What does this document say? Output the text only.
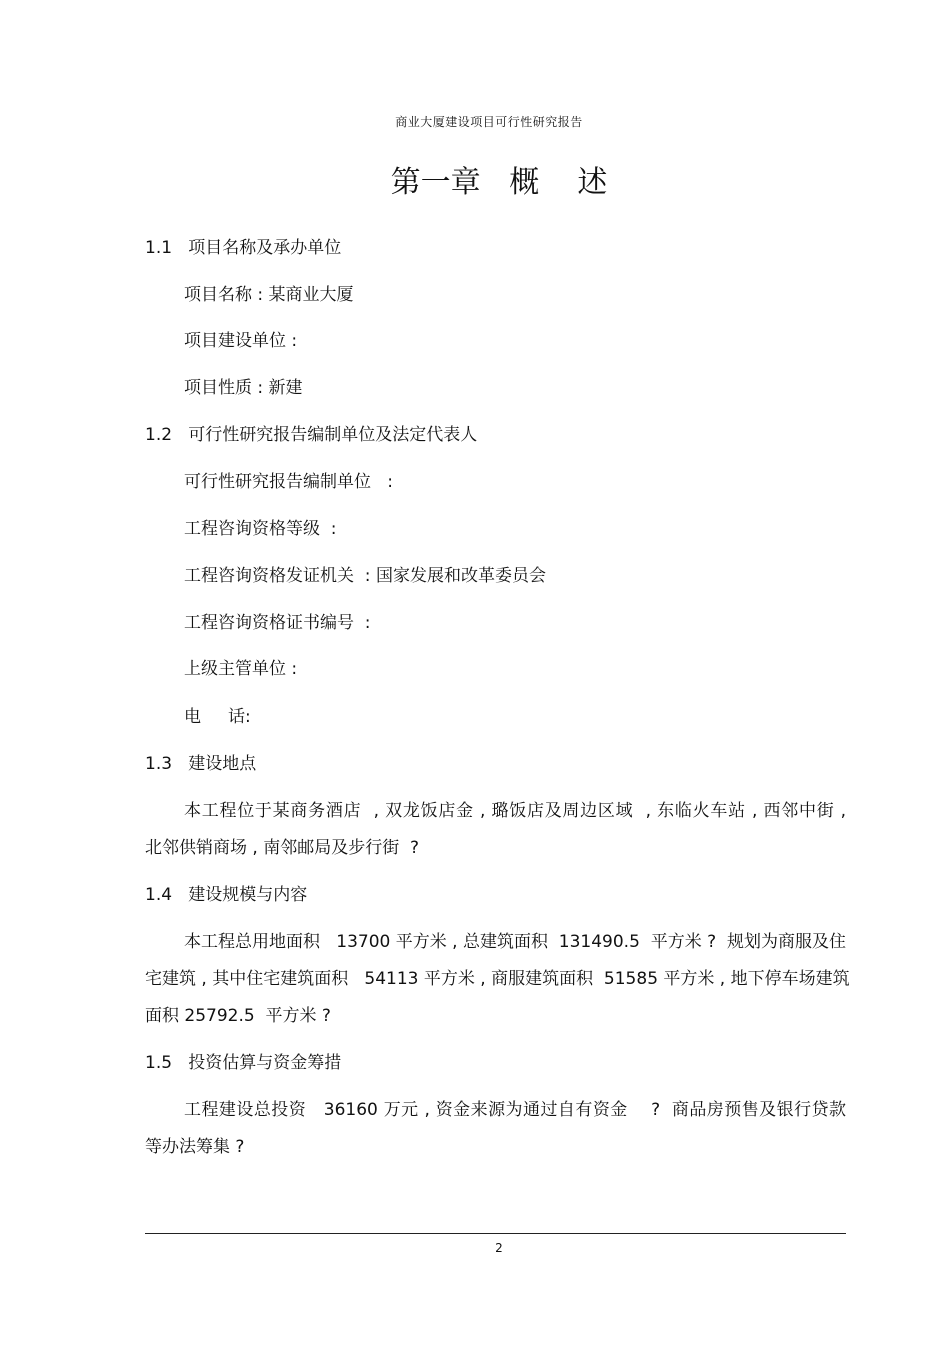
商业大厦建设项目可行性研究报告
第一章   概    述
1.1   项目名称及承办单位
项目名称 : 某商业大厦
项目建设单位 :
项目性质 : 新建
1.2   可行性研究报告编制单位及法定代表人
可行性研究报告编制单位   :
工程咨询资格等级  :
工程咨询资格发证机关  : 国家发展和改革委员会
工程咨询资格证书编号  :
上级主管单位 :
电     话:
1.3   建设地点
本工程位于某商务酒店  , 双龙饭店金 , 璐饭店及周边区域  , 东临火车站 , 西邻中街 ,
北邻供销商场 , 南邻邮局及步行街  ?
1.4   建设规模与内容
本工程总用地面积   13700 平方米 , 总建筑面积  131490.5  平方米 ?  规划为商服及住
宅建筑 , 其中住宅建筑面积   54113 平方米 , 商服建筑面积  51585 平方米 , 地下停车场建筑
面积 25792.5  平方米 ?
1.5   投资估算与资金筹措
工程建设总投资   36160 万元 , 资金来源为通过自有资金    ?  商品房预售及银行贷款
等办法筹集 ?
2
